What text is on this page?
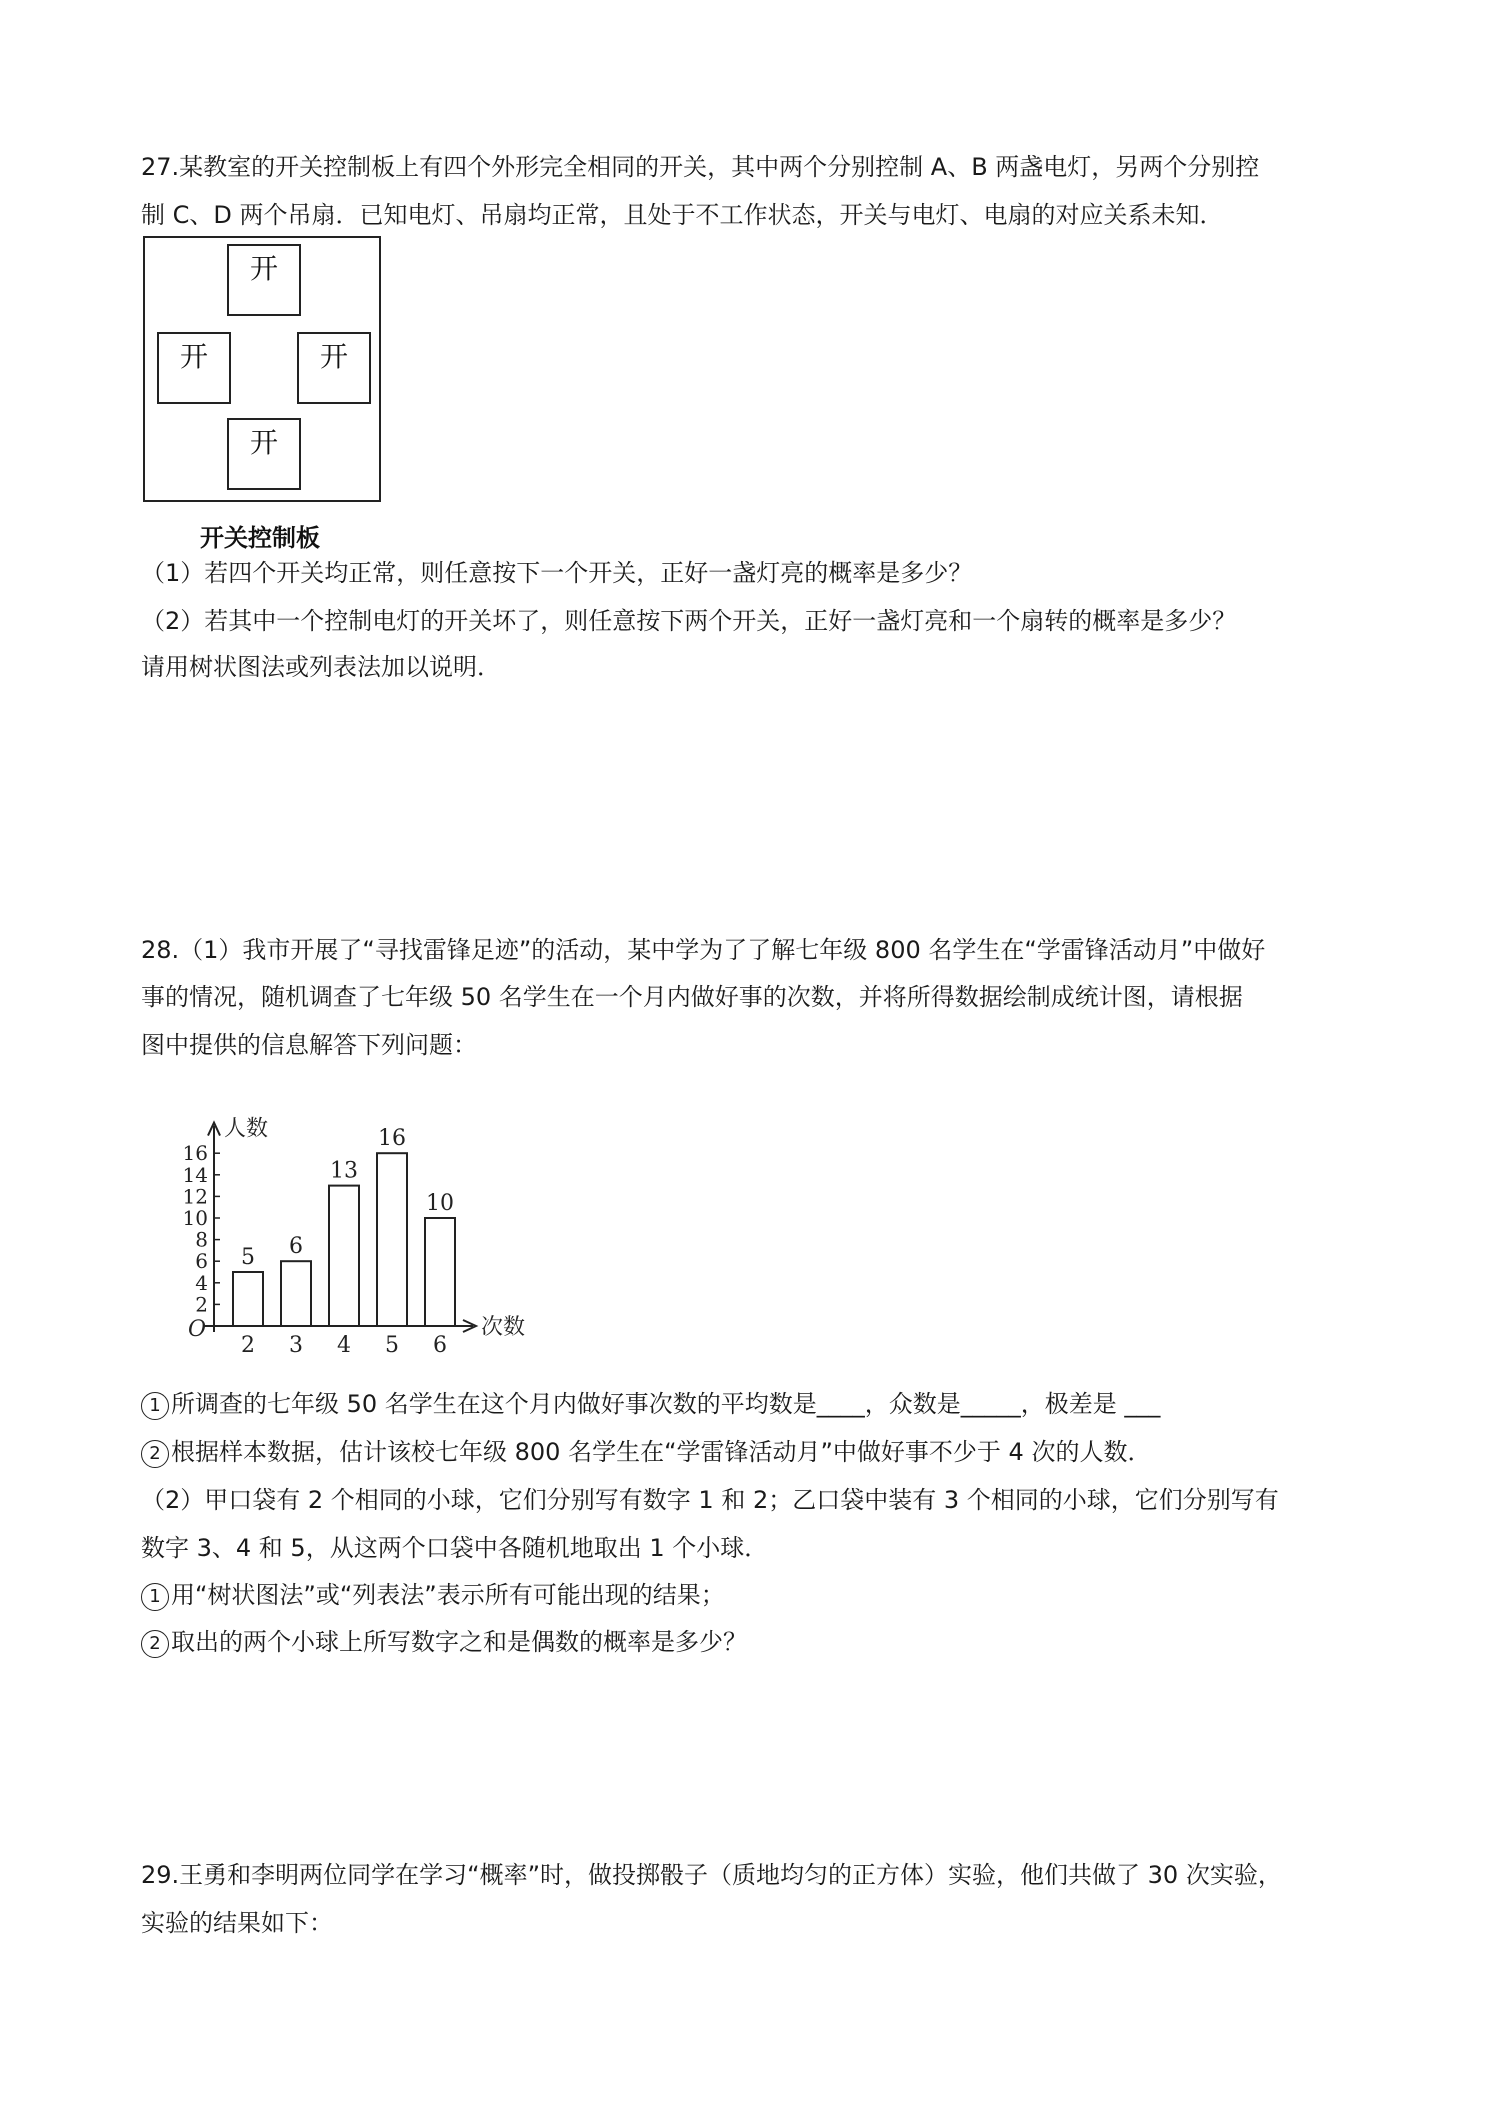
27.某教室的开关控制板上有四个外形完全相同的开关，其中两个分别控制 A、B 两盏电灯，另两个分别控
制 C、D 两个吊扇．已知电灯、吊扇均正常，且处于不工作状态，开关与电灯、电扇的对应关系未知．
开
开	开
开
开关控制板
（1）若四个开关均正常，则任意按下一个开关，正好一盏灯亮的概率是多少？
（2）若其中一个控制电灯的开关坏了，则任意按下两个开关，正好一盏灯亮和一个扇转的概率是多少？
请用树状图法或列表法加以说明．
28.（1）我市开展了“寻找雷锋足迹”的活动，某中学为了了解七年级 800 名学生在“学雷锋活动月”中做好
事的情况，随机调查了七年级 50 名学生在一个月内做好事的次数，并将所得数据绘制成统计图，请根据
图中提供的信息解答下列问题：
人数
次数
O
2
4
6
8
10
12
14
16
5
2
6
3
13
4
16
5
10
6
1 所调查的七年级 50 名学生在这个月内做好事次数的平均数是____，众数是_____，极差是 ___
2 根据样本数据，估计该校七年级 800 名学生在“学雷锋活动月”中做好事不少于 4 次的人数．
（2）甲口袋有 2 个相同的小球，它们分别写有数字 1 和 2；乙口袋中装有 3 个相同的小球，它们分别写有
数字 3、4 和 5，从这两个口袋中各随机地取出 1 个小球．
1 用“树状图法”或“列表法”表示所有可能出现的结果；
2 取出的两个小球上所写数字之和是偶数的概率是多少？
29.王勇和李明两位同学在学习“概率”时，做投掷骰子（质地均匀的正方体）实验，他们共做了 30 次实验，
实验的结果如下：
